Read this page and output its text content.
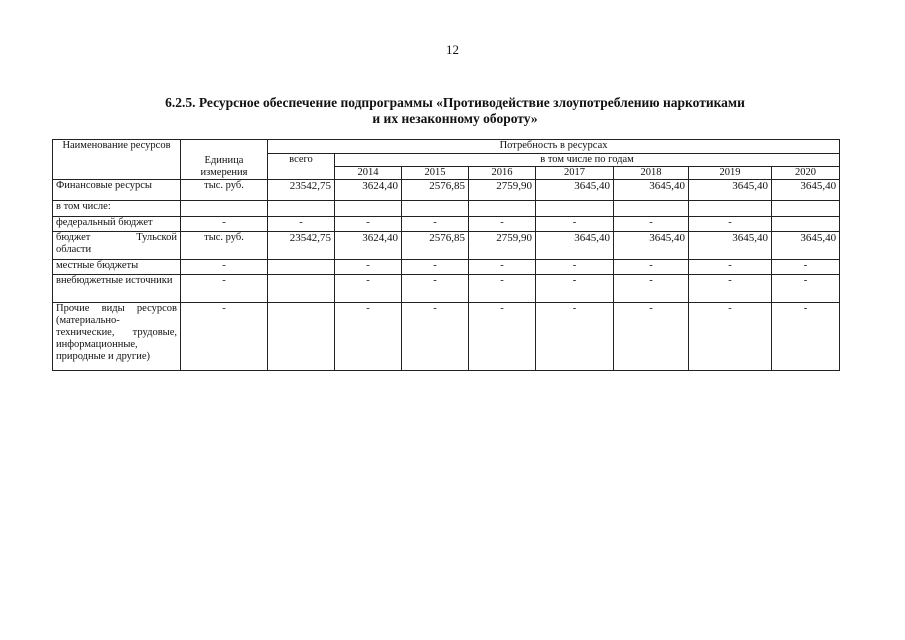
12
6.2.5. Ресурсное обеспечение подпрограммы «Противодействие злоупотреблению наркотиками
и их незаконному обороту»
Наименование ресурсов	Единица измерения	Потребность в ресурсах							
		всего	в том числе по годам						
			2014	2015	2016	2017	2018	2019	2020
Финансовые ресурсы	тыс. руб.	23542,75	3624,40	2576,85	2759,90	3645,40	3645,40	3645,40	3645,40
в том числе:									
федеральный бюджет	-	-	-	-	-	-	-	-	

бюджет Тульской
области	тыс. руб.	23542,75	3624,40	2576,85	2759,90	3645,40	3645,40	3645,40	3645,40
местные бюджеты	-		-	-	-	-	-	-	-
внебюджетные источники	-		-	-	-	-	-	-	-
Прочие виды ресурсов (материально-технические, трудовые, информационные, природные и другие)	-		-	-	-	-	-	-	-
